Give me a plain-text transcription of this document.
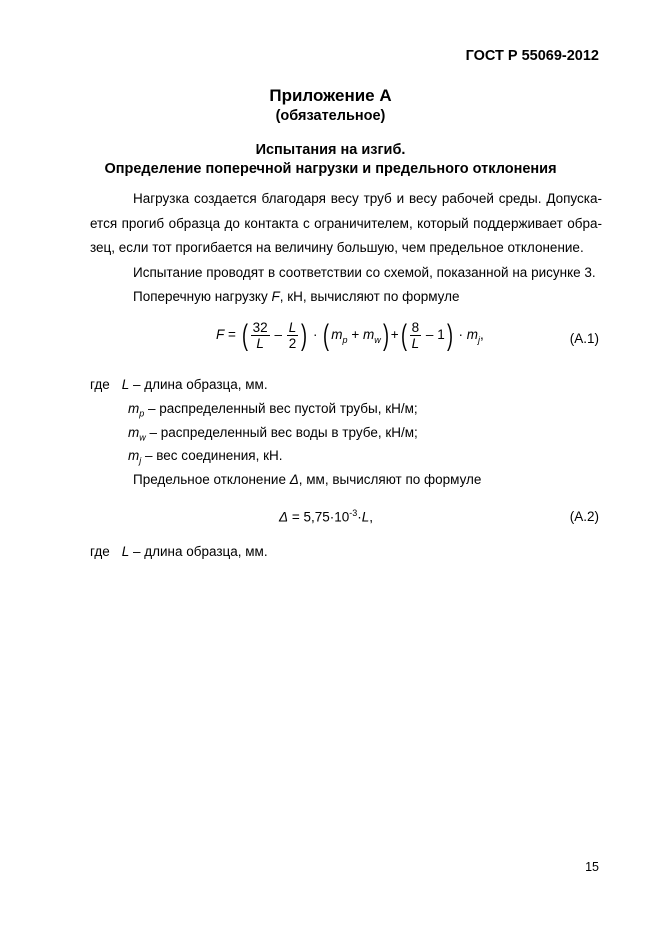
ГОСТ Р 55069-2012
Приложение А
(обязательное)
Испытания на изгиб.
Определение поперечной нагрузки и предельного отклонения

Нагрузка создается благодаря весу труб и весу рабочей среды. Допуска-ется прогиб образца до контакта с ограничителем, который поддерживает обра-зец, если тот прогибается на величину большую, чем предельное отклонение.

Испытание проводят в соответствии со схемой, показанной на рисунке 3.

Поперечную нагрузку F, кН, вычисляют по формуле

F = ( $\frac{32}{L} - \frac{L}{2}$ ) · ( $m_p + m_w$) +( $\frac{8}{L} - 1) \cdot m_j$,	(A.1)
где L – длина образца, мм.
$m_p$ – распределенный вес пустой трубы, кН/м;
$m_w$ – распределенный вес воды в трубе, кН/м;
$m_j$ – вес соединения, кН.
Предельное отклонение Δ, мм, вычисляют по формуле
$\Delta = 5,75\cdot 10^{-3}\cdot L$,	(A.2)
где L – длина образца, мм.
15
